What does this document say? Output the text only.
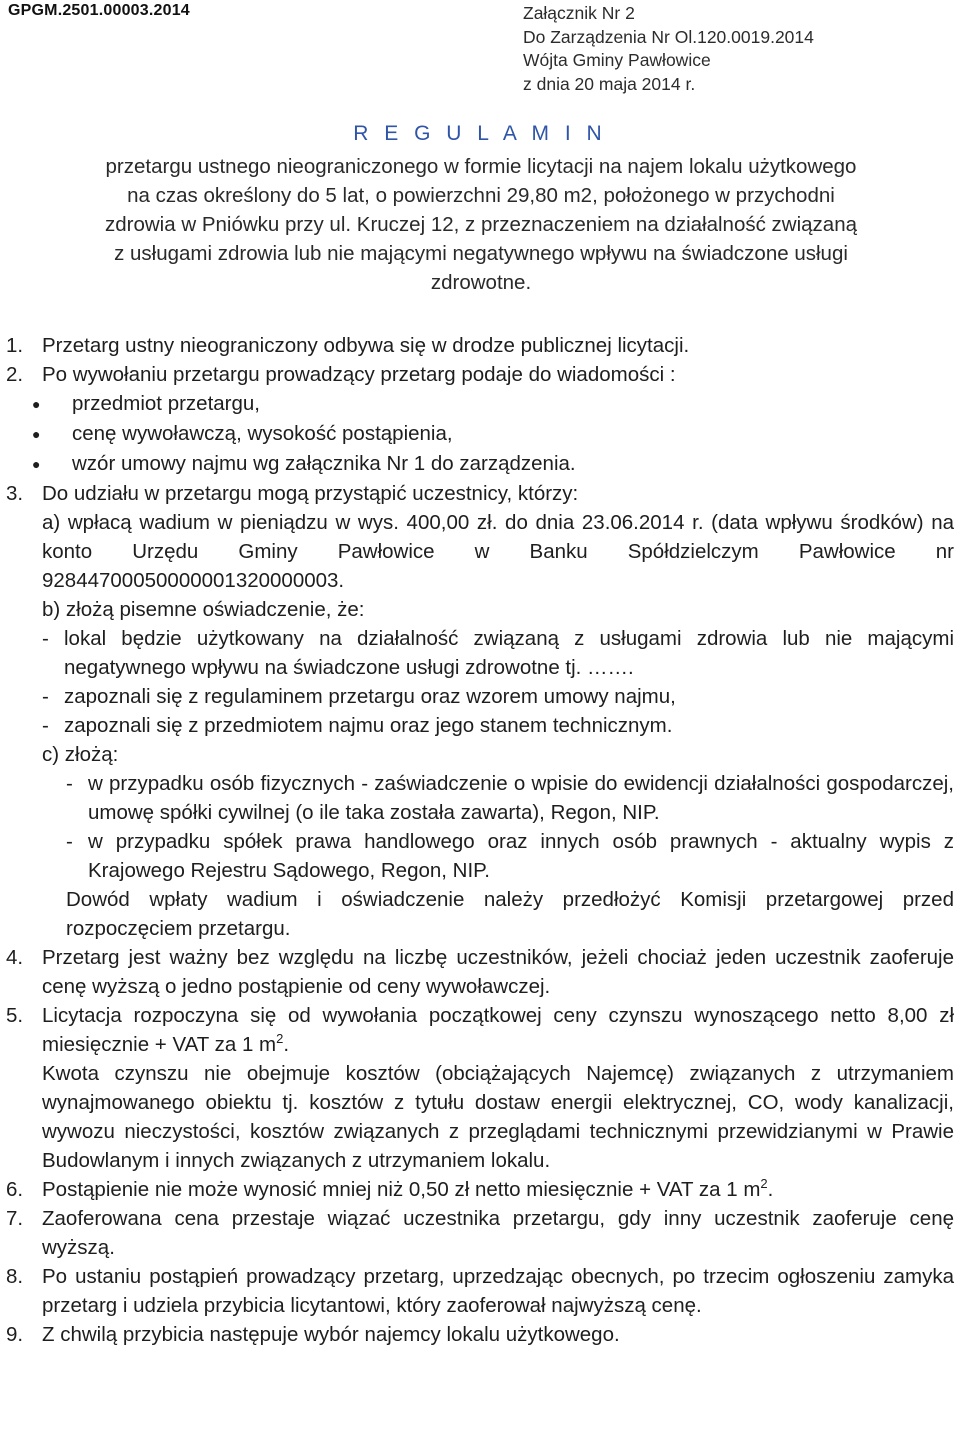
GPGM.2501.00003.2014	Załącznik Nr 2
Do Zarządzenia Nr Ol.120.0019.2014
Wójta Gminy Pawłowice
z dnia 20 maja 2014 r.
R E G U L A M I N
przetargu ustnego nieograniczonego w formie licytacji na najem lokalu użytkowego
na czas określony do 5 lat, o powierzchni 29,80 m2, położonego w przychodni
zdrowia w Pniówku przy ul. Kruczej 12, z przeznaczeniem na działalność związaną
z usługami zdrowia lub nie mającymi negatywnego wpływu na świadczone usługi
zdrowotne.
1. Przetarg ustny nieograniczony odbywa się w drodze publicznej licytacji.
2. Po wywołaniu przetargu prowadzący przetarg podaje do wiadomości :
●	przedmiot przetargu,
●	cenę wywoławczą, wysokość postąpienia,
●	wzór umowy najmu wg załącznika Nr 1 do zarządzenia.
3. Do udziału w przetargu mogą przystąpić uczestnicy, którzy:
a) wpłacą wadium w pieniądzu w wys. 400,00 zł. do dnia 23.06.2014 r. (data wpływu środków) na konto Urzędu Gminy Pawłowice w Banku Spółdzielczym Pawłowice nr 92844700050000001320000003.
b) złożą pisemne oświadczenie, że:
- lokal będzie użytkowany na działalność związaną z usługami zdrowia lub nie mającymi negatywnego wpływu na świadczone usługi zdrowotne tj. …….
- zapoznali się z regulaminem przetargu oraz wzorem umowy najmu,
- zapoznali się z przedmiotem najmu oraz jego stanem technicznym.
c) złożą:
- w przypadku osób fizycznych - zaświadczenie o wpisie do ewidencji działalności gospodarczej, umowę spółki cywilnej (o ile taka została zawarta), Regon, NIP.
- w przypadku spółek prawa handlowego oraz innych osób prawnych - aktualny wypis z Krajowego Rejestru Sądowego, Regon, NIP.
Dowód wpłaty wadium i oświadczenie należy przedłożyć Komisji przetargowej przed rozpoczęciem przetargu.
4. Przetarg jest ważny bez względu na liczbę uczestników, jeżeli chociaż jeden uczestnik zaoferuje cenę wyższą o jedno postąpienie od ceny wywoławczej.
5. Licytacja rozpoczyna się od wywołania początkowej ceny czynszu wynoszącego netto 8,00 zł miesięcznie + VAT za 1 $m^2$.
Kwota czynszu nie obejmuje kosztów (obciążających Najemcę) związanych z utrzymaniem wynajmowanego obiektu tj. kosztów z tytułu dostaw energii elektrycznej, CO, wody kanalizacji, wywozu nieczystości, kosztów związanych z przeglądami technicznymi przewidzianymi w Prawie Budowlanym i innych związanych z utrzymaniem lokalu.
6. Postąpienie nie może wynosić mniej niż 0,50 zł netto miesięcznie + VAT za 1 $m^2$.
7. Zaoferowana cena przestaje wiązać uczestnika przetargu, gdy inny uczestnik zaoferuje cenę wyższą.
8. Po ustaniu postąpień prowadzący przetarg, uprzedzając obecnych, po trzecim ogłoszeniu zamyka przetarg i udziela przybicia licytantowi, który zaoferował najwyższą cenę.
9. Z chwilą przybicia następuje wybór najemcy lokalu użytkowego.
